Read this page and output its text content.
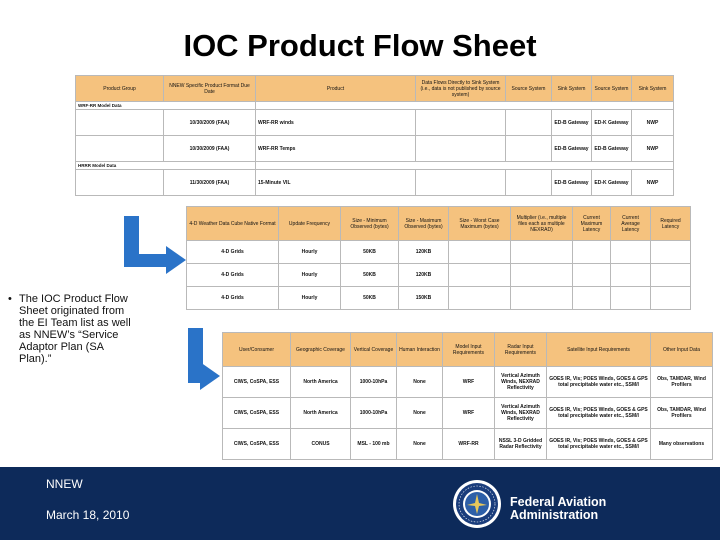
IOC Product Flow Sheet
Product Group	NNEW Specific Product Format Due Date	Product	Data Flows Directly to Sink System (i.e., data is not published by source system)	Source System	Sink System	Source System	Sink System
WRF-RR Model Data							
	10/30/2009 (FAA)	WRF-RR winds			ED-B Gateway	ED-K Gateway	NWP
	10/30/2009 (FAA)	WRF-RR Temps			ED-B Gateway	ED-B Gateway	NWP
HRRR Model Data							
	11/30/2009 (FAA)	15-Minute VIL			ED-B Gateway	ED-K Gateway	NWP
4-D Weather Data Cube Native Format	Update Frequency	Size - Minimum Observed (bytes)	Size - Maximum Observed (bytes)	Size - Worst Case Maximum (bytes)	Multiplier (i.e., multiple files each as multiple NEXRAD)	Current Maximum Latency	Current Average Latency	Required Latency
4-D Grids	Hourly	50KB	120KB					
4-D Grids	Hourly	50KB	120KB					
4-D Grids	Hourly	50KB	150KB					
User/Consumer	Geographic Coverage	Vertical Coverage	Human Interaction	Model Input Requirements	Radar Input Requirements	Satellite Input Requirements	Other Input Data
CIWS, CoSPA, ESS	North America	1000-10hPa	None	WRF	Vertical Azimuth Winds, NEXRAD Reflectivity	GOES IR, Vis; POES Winds, GOES & GPS total precipitable water etc., SSM/I	Obs, TAMDAR, Wind Profilers
CIWS, CoSPA, ESS	North America	1000-10hPa	None	WRF	Vertical Azimuth Winds, NEXRAD Reflectivity	GOES IR, Vis; POES Winds, GOES & GPS total precipitable water etc., SSM/I	Obs, TAMDAR, Wind Profilers
CIWS, CoSPA, ESS	CONUS	MSL - 100 mb	None	WRF-RR	NSSL 3-D Gridded Radar Reflectivity	GOES IR, Vis; POES Winds, GOES & GPS total precipitable water etc., SSM/I	Many observations
• The IOC Product Flow Sheet originated from the EI Team list as well as NNEW’s “Service Adaptor Plan (SA Plan).”
NNEW
March 18, 2010
Federal Aviation
Administration
